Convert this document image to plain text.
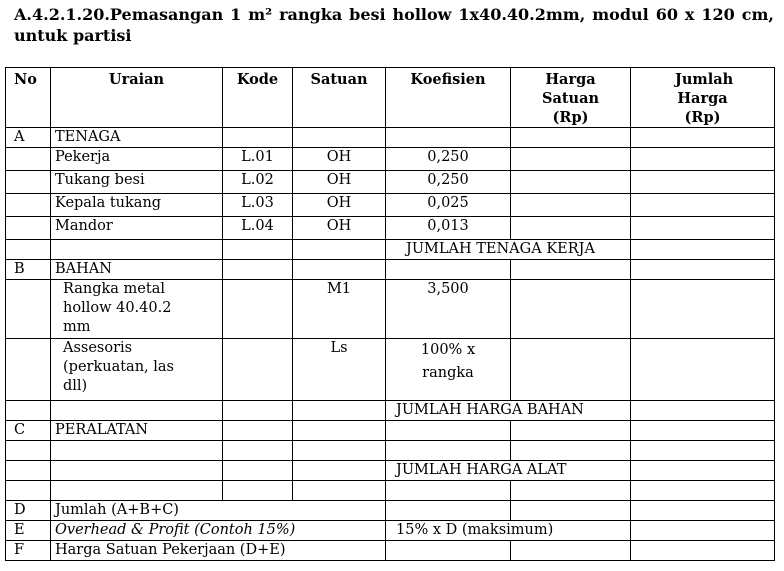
A.4.2.1.20.Pemasangan 1 m² rangka besi hollow 1x40.40.2mm, modul 60 x 120 cm, untuk partisi
No	Uraian	Kode	Satuan	Koefisien	Harga Satuan (Rp)	Jumlah Harga (Rp)
A	TENAGA					
	Pekerja	L.01	OH	0,250		
	Tukang besi	L.02	OH	0,250		
	Kepala tukang	L.03	OH	0,025		
	Mandor	L.04	OH	0,013		
				JUMLAH TENAGA KERJA		
B	BAHAN					
	Rangka metal hollow 40.40.2 mm		M1	3,500		
	Assesoris (perkuatan, las dll)		Ls	100% x rangka		
				JUMLAH HARGA BAHAN		
C	PERALATAN					

				JUMLAH HARGA ALAT		

D	Jumlah (A+B+C)					
E	Overhead & Profit (Contoh 15%)			15% x D (maksimum)		
F	Harga Satuan Pekerjaan (D+E)					
